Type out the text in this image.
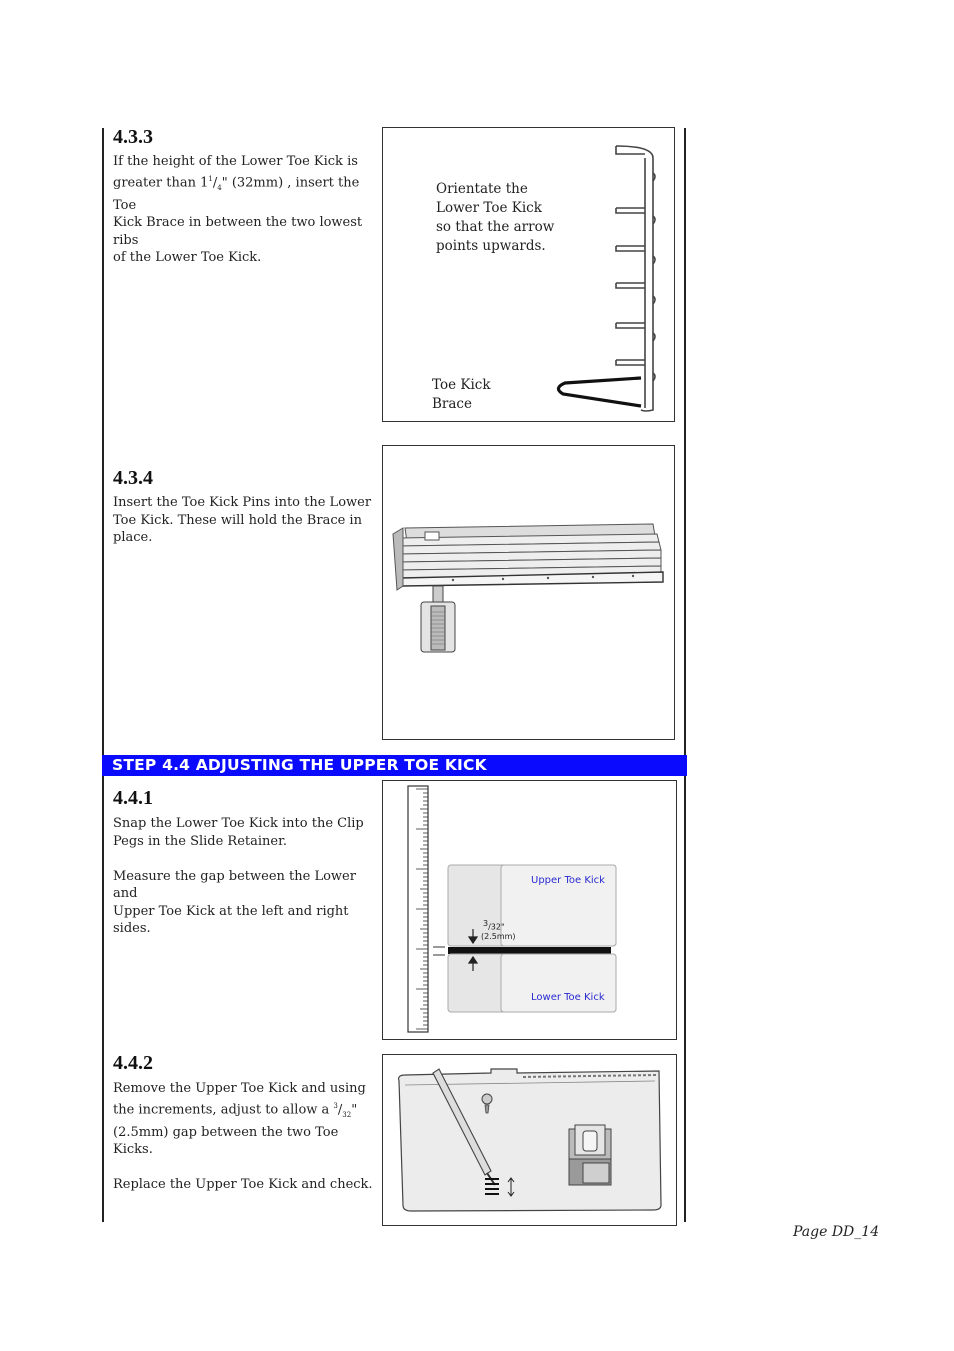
4.3.3
If the height of the Lower Toe Kick is
greater than $1^1/_4$" (32mm) , insert the Toe
Kick Brace in between the two lowest ribs
of the Lower Toe Kick.
Orientate the
Lower Toe Kick
so that the arrow
points upwards.
Toe Kick
Brace
4.3.4
Insert the Toe Kick Pins into the Lower
Toe Kick. These will hold the Brace in
place.
STEP 4.4 ADJUSTING THE UPPER TOE KICK
4.4.1
Snap the Lower Toe Kick into the Clip
Pegs in the Slide Retainer.
Measure the gap between the Lower and
Upper Toe Kick at the left and right sides.
Upper Toe Kick
Lower Toe Kick
$^3$/32"
(2.5mm)
4.4.2
Remove the Upper Toe Kick and using
the increments, adjust to allow a $^3/_{32}$"
(2.5mm) gap between the two Toe Kicks.
Replace the Upper Toe Kick and check.
Page DD_14
